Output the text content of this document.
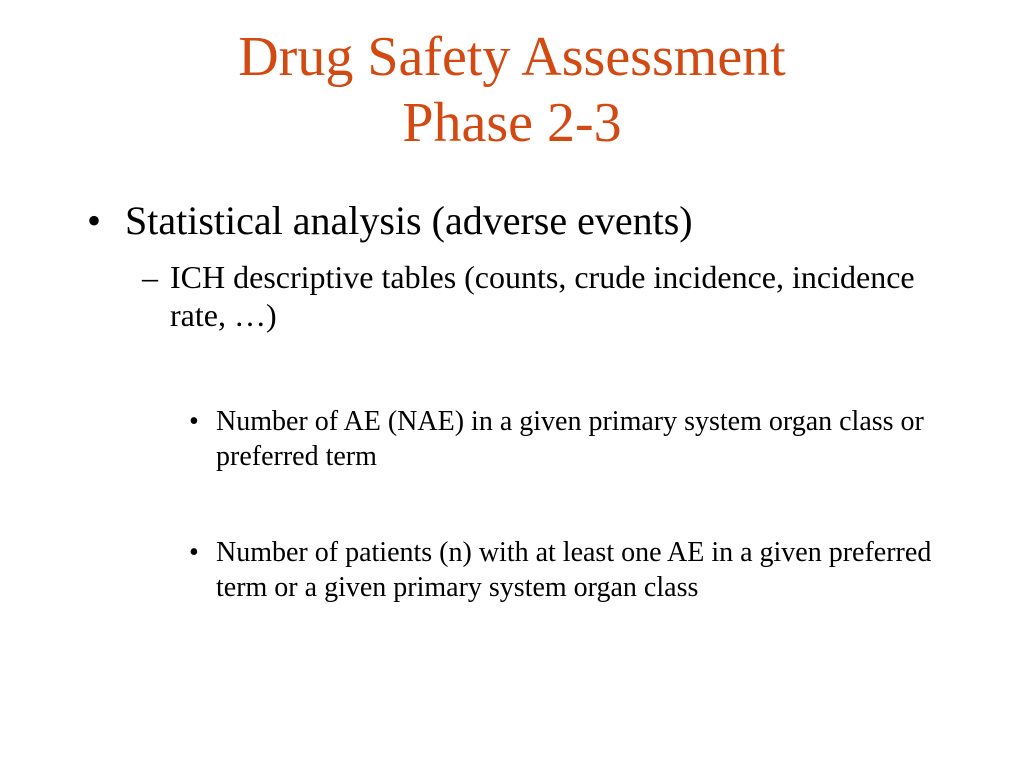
Drug Safety Assessment
Phase 2-3
• Statistical analysis (adverse events)
– ICH descriptive tables (counts, crude incidence, incidence rate, …)
• Number of AE (NAE) in a given primary system organ class or preferred term
• Number of patients (n) with at least one AE in a given preferred term or a given primary system organ class
